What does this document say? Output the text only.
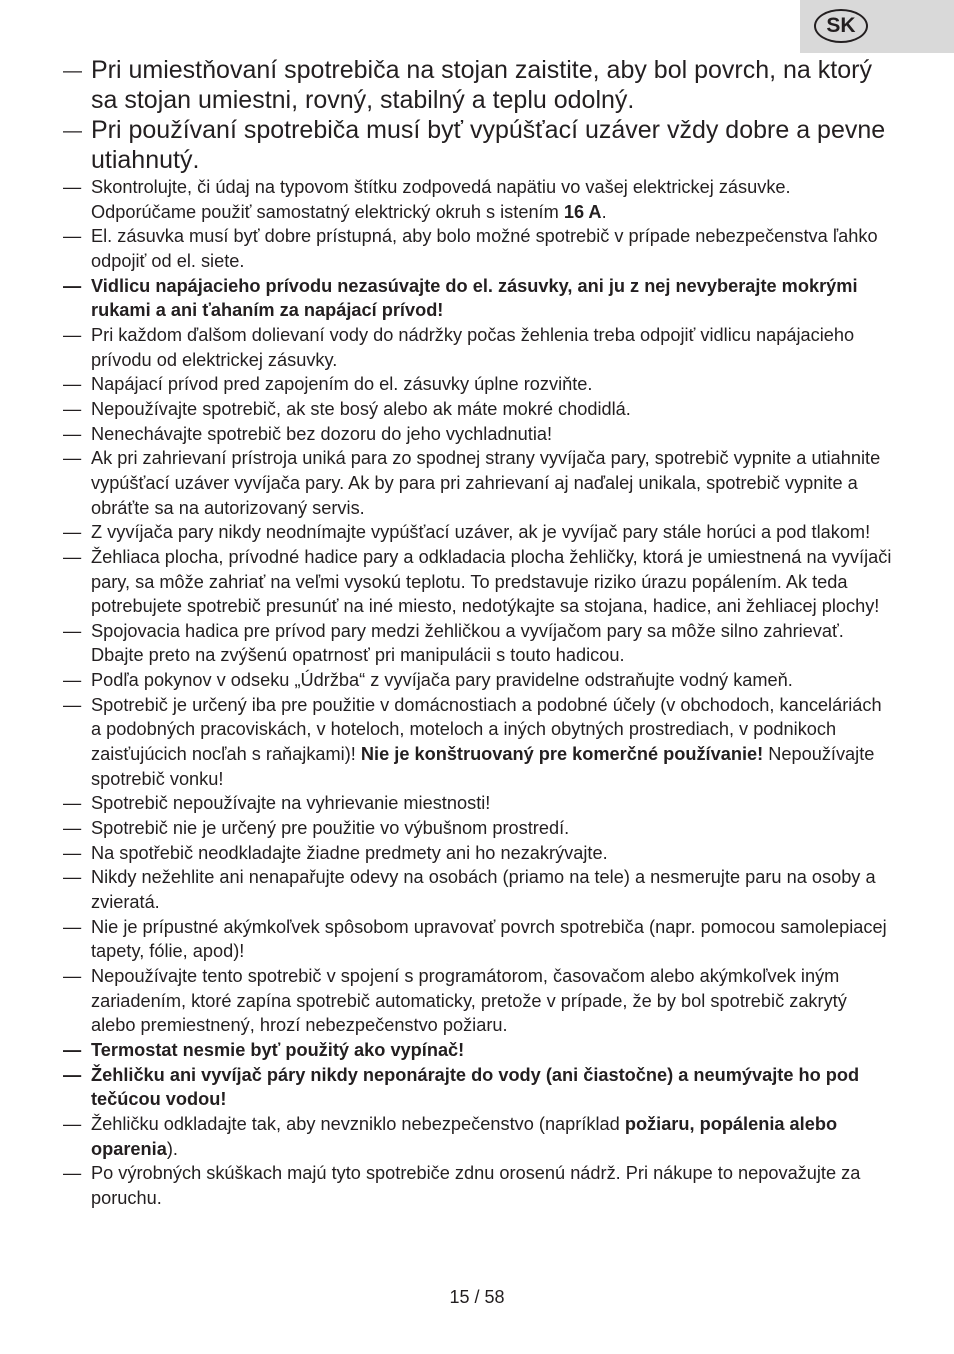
SK
— Pri umiestňovaní spotrebiča na stojan zaistite, aby bol povrch, na ktorý sa stojan umiestni, rovný, stabilný a teplu odolný.
— Pri používaní spotrebiča musí byť vypúšťací uzáver vždy dobre a pevne utiahnutý.
— Skontrolujte, či údaj na typovom štítku zodpovedá napätiu vo vašej elektrickej zásuvke. Odporúčame použiť samostatný elektrický okruh s istením 16 A.
— El. zásuvka musí byť dobre prístupná, aby bolo možné spotrebič v prípade nebezpečenstva ľahko odpojiť od el. siete.
— Vidlicu napájacieho prívodu nezasúvajte do el. zásuvky, ani ju z nej nevyberajte mokrými rukami a ani ťahaním za napájací prívod!
— Pri každom ďalšom dolievaní vody do nádržky počas žehlenia treba odpojiť vidlicu napájacieho prívodu od elektrickej zásuvky.
— Napájací prívod pred zapojením do el. zásuvky úplne rozviňte.
— Nepoužívajte spotrebič, ak ste bosý alebo ak máte mokré chodidlá.
— Nenechávajte spotrebič bez dozoru do jeho vychladnutia!
— Ak pri zahrievaní prístroja uniká para zo spodnej strany vyvíjača pary, spotrebič vypnite a utiahnite vypúšťací uzáver vyvíjača pary. Ak by para pri zahrievaní aj naďalej unikala, spotrebič vypnite a obráťte sa na autorizovaný servis.
— Z vyvíjača pary nikdy neodnímajte vypúšťací uzáver, ak je vyvíjač pary stále horúci a pod tlakom!
— Žehliaca plocha, prívodné hadice pary a odkladacia plocha žehličky, ktorá je umiestnená na vyvíjači pary, sa môže zahriať na veľmi vysokú teplotu. To predstavuje riziko úrazu popálením. Ak teda potrebujete spotrebič presunúť na iné miesto, nedotýkajte sa stojana, hadice, ani žehliacej plochy!
— Spojovacia hadica pre prívod pary medzi žehličkou a vyvíjačom pary sa môže silno zahrievať. Dbajte preto na zvýšenú opatrnosť pri manipulácii s touto hadicou.
— Podľa pokynov v odseku „Údržba“ z vyvíjača pary pravidelne odstraňujte vodný kameň.
— Spotrebič je určený iba pre použitie v domácnostiach a podobné účely (v obchodoch, kanceláriách a podobných pracoviskách, v hoteloch, moteloch a iných obytných prostrediach, v podnikoch zaisťujúcich nocľah s raňajkami)! Nie je konštruovaný pre komerčné používanie! Nepoužívajte spotrebič vonku!
— Spotrebič nepoužívajte na vyhrievanie miestnosti!
— Spotrebič nie je určený pre použitie vo výbušnom prostredí.
— Na spotřebič neodkladajte žiadne predmety ani ho nezakrývajte.
— Nikdy nežehlite ani nenapařujte odevy na osobách (priamo na tele) a nesmerujte paru na osoby a zvieratá.
— Nie je prípustné akýmkoľvek spôsobom upravovať povrch spotrebiča (napr. pomocou samolepiacej tapety, fólie, apod)!
— Nepoužívajte tento spotrebič v spojení s programátorom, časovačom alebo akýmkoľvek iným zariadením, ktoré zapína spotrebič automaticky, pretože v prípade, že by bol spotrebič zakrytý alebo premiestnený, hrozí nebezpečenstvo požiaru.
— Termostat nesmie byť použitý ako vypínač!
— Žehličku ani vyvíjač páry nikdy neponárajte do vody (ani čiastočne) a neumývajte ho pod tečúcou vodou!
— Žehličku odkladajte tak, aby nevzniklo nebezpečenstvo (napríklad požiaru, popálenia alebo oparenia).
— Po výrobných skúškach majú tyto spotrebiče zdnu orosenú nádrž. Pri nákupe to nepovažujte za poruchu.
15 / 58
